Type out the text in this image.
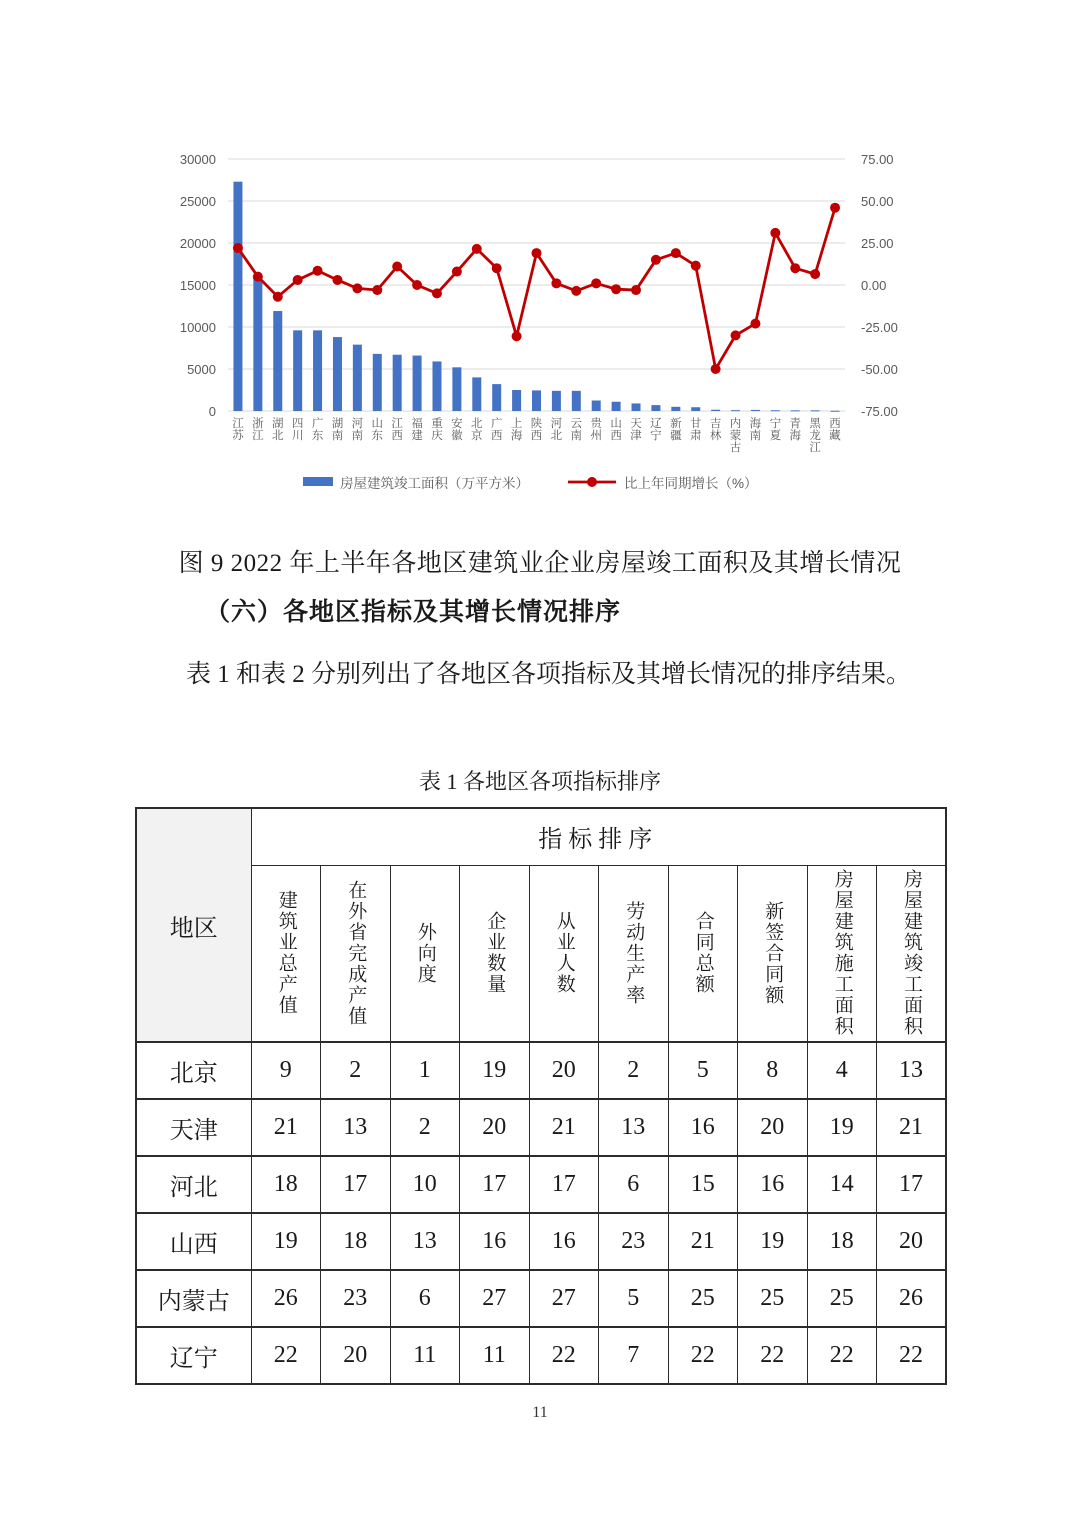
0
5000
10000
15000
20000
25000
30000
-75.00
-50.00
-25.00
0.00
25.00
50.00
75.00
江苏
浙江
湖北
四川
广东
湖南
河南
山东
江西
福建
重庆
安徽
北京
广西
上海
陕西
河北
云南
贵州
山西
天津
辽宁
新疆
甘肃
吉林
内蒙古
海南
宁夏
青海
黑龙江
西藏
房屋建筑竣工面积（万平方米）	比上年同期增长（%）
图 9 2022 年上半年各地区建筑业企业房屋竣工面积及其增长情况
（六）各地区指标及其增长情况排序
表 1 和表 2 分别列出了各地区各项指标及其增长情况的排序结果。
表 1 各地区各项指标排序
地区	指标排序									

	建筑业总产值	在外省完成产值	外向度	企业数量	从业人数	劳动生产率	合同总额	新签合同额	房屋建筑施工面积	房屋建筑竣工面积

北京	9	2	1	19	20	2	5	8	4	13
天津	21	13	2	20	21	13	16	20	19	21
河北	18	17	10	17	17	6	15	16	14	17
山西	19	18	13	16	16	23	21	19	18	20
内蒙古	26	23	6	27	27	5	25	25	25	26
辽宁	22	20	11	11	22	7	22	22	22	22
11
